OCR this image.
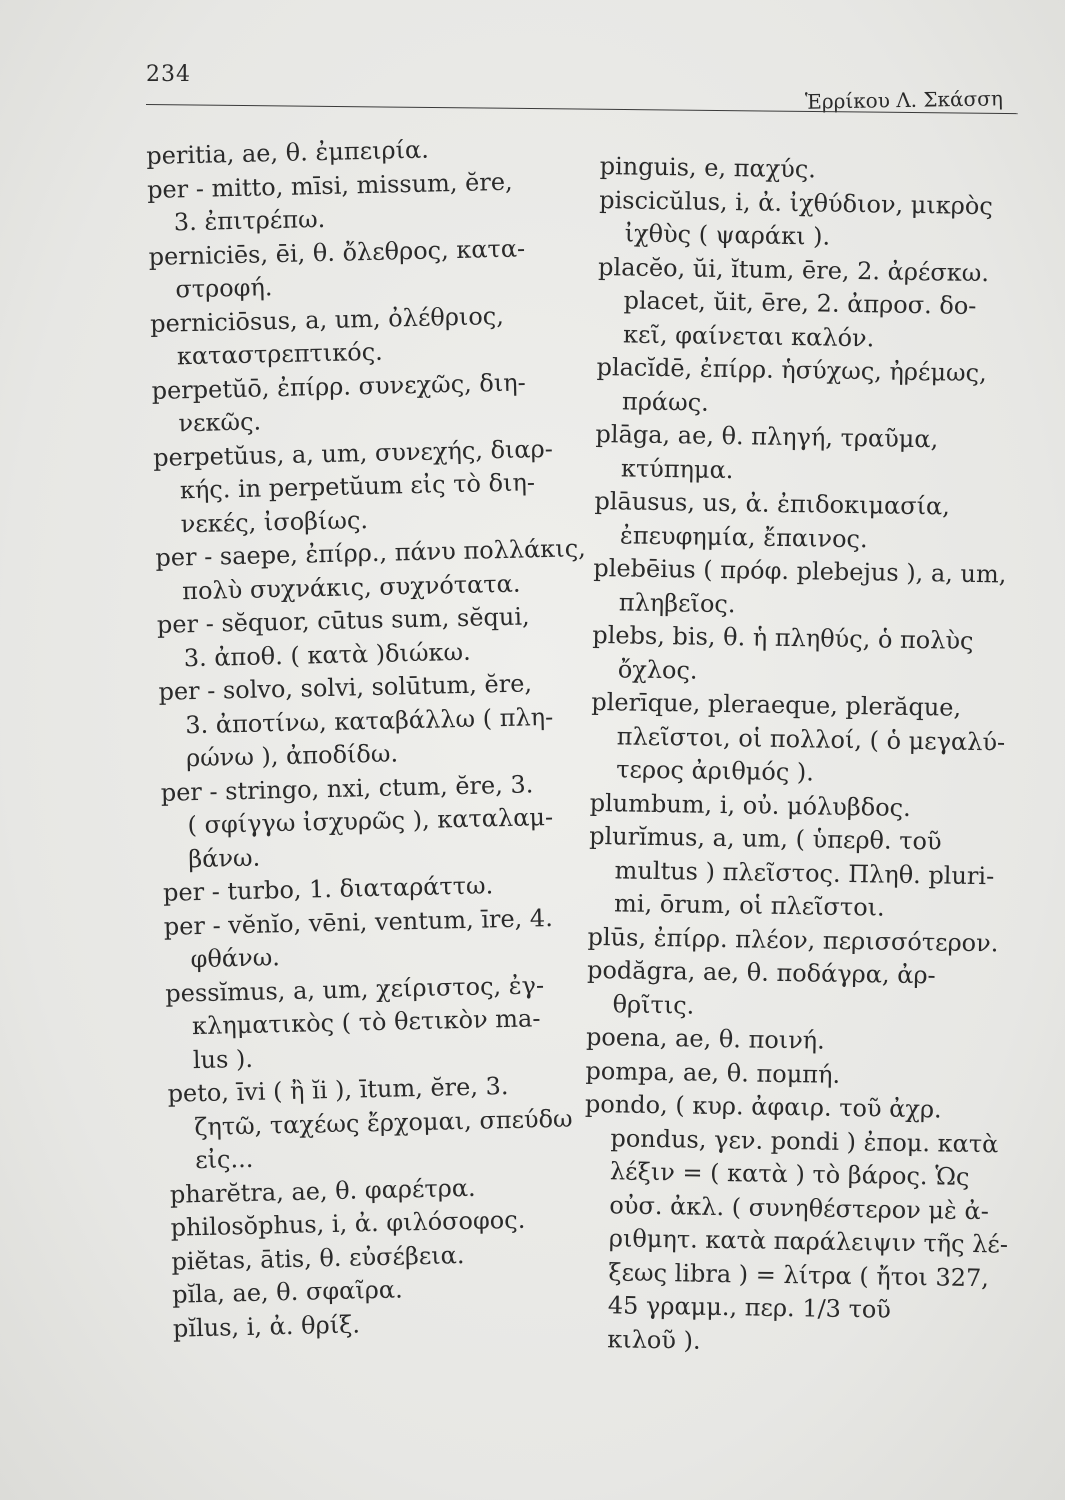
234
Ἑρρίκου Λ. Σκάσση
peritia, ae, θ. ἐμπειρία.
per - mitto, mīsi, missum, ĕre,
3. ἐπιτρέπω.
perniciēs, ēi, θ. ὄλεθρος, κατα-
στροφή.
perniciōsus, a, um, ὀλέθριος,
καταστρεπτικός.
perpetŭō, ἐπίρρ. συνεχῶς, διη-
νεκῶς.
perpetŭus, a, um, συνεχής, διαρ-
κής. in perpetŭum εἰς τὸ διη-
νεκές, ἰσοβίως.
per - saepe, ἐπίρρ., πάνυ πολλάκις,
πολὺ συχνάκις, συχνότατα.
per - sĕquor, cūtus sum, sĕqui,
3. ἀποθ. ( κατὰ )διώκω.
per - solvo, solvi, solūtum, ĕre,
3. ἀποτίνω, καταβάλλω ( πλη-
ρώνω ), ἀποδίδω.
per - stringo, nxi, ctum, ĕre, 3.
( σφίγγω ἰσχυρῶς ), καταλαμ-
βάνω.
per - turbo, 1. διαταράττω.
per - vĕnĭo, vēni, ventum, īre, 4.
φθάνω.
pessĭmus, a, um, χείριστος, ἐγ-
κληματικὸς ( τὸ θετικὸν ma-
lus ).
peto, īvi ( ἢ ĭi ), ītum, ĕre, 3.
ζητῶ, ταχέως ἔρχομαι, σπεύδω
εἰς...
pharĕtra, ae, θ. φαρέτρα.
philosŏphus, i, ἀ. φιλόσοφος.
piĕtas, ātis, θ. εὐσέβεια.
pĭla, ae, θ. σφαῖρα.
pĭlus, i, ἀ. θρίξ.
pinguis, e, παχύς.
piscicŭlus, i, ἀ. ἰχθύδιον, μικρὸς
ἰχθὺς ( ψαράκι ).
placĕo, ŭi, ĭtum, ēre, 2. ἀρέσκω.
placet, ŭit, ēre, 2. ἀπροσ. δο-
κεῖ, φαίνεται καλόν.
placĭdē, ἐπίρρ. ἡσύχως, ἠρέμως,
πράως.
plāga, ae, θ. πληγή, τραῦμα,
κτύπημα.
plāusus, us, ἀ. ἐπιδοκιμασία,
ἐπευφημία, ἔπαινος.
plebēius ( πρόφ. plebejus ), a, um,
πληβεῖος.
plebs, bis, θ. ἡ πληθύς, ὁ πολὺς
ὄχλος.
plerīque, pleraeque, plerăque,
πλεῖστοι, οἱ πολλοί, ( ὁ μεγαλύ-
τερος ἀριθμός ).
plumbum, i, οὐ. μόλυβδος.
plurĭmus, a, um, ( ὑπερθ. τοῦ
multus ) πλεῖστος. Πληθ. pluri-
mi, ōrum, οἱ πλεῖστοι.
plūs, ἐπίρρ. πλέον, περισσότερον.
podăgra, ae, θ. ποδάγρα, ἀρ-
θρῖτις.
poena, ae, θ. ποινή.
pompa, ae, θ. πομπή.
pondo, ( κυρ. ἀφαιρ. τοῦ ἀχρ.
pondus, γεν. pondi ) ἐπομ. κατὰ
λέξιν = ( κατὰ ) τὸ βάρος. Ὡς
οὐσ. ἀκλ. ( συνηθέστερον μὲ ἀ-
ριθμητ. κατὰ παράλειψιν τῆς λέ-
ξεως libra ) = λίτρα ( ἤτοι 327,
45 γραμμ., περ. 1/3 τοῦ
κιλοῦ ).
